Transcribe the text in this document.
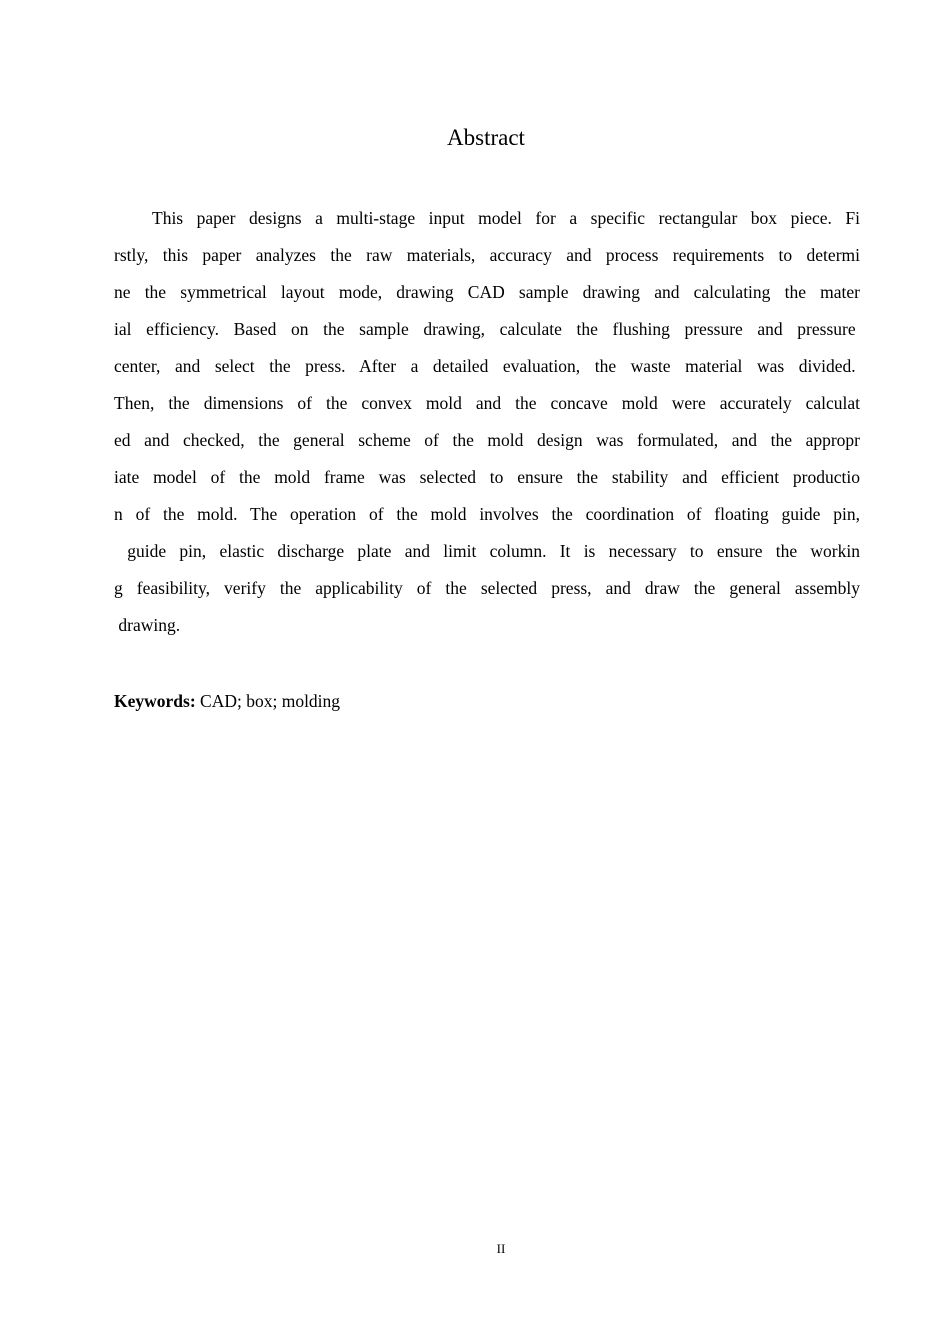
Abstract
This paper designs a multi-stage input model for a specific rectangular box piece. Fi
rstly, this paper analyzes the raw materials, accuracy and process requirements to determi
ne the symmetrical layout mode, drawing CAD sample drawing and calculating the mater
ial efficiency. Based on the sample drawing, calculate the flushing pressure and pressure
center, and select the press. After a detailed evaluation, the waste material was divided.
Then, the dimensions of the convex mold and the concave mold were accurately calculat
ed and checked, the general scheme of the mold design was formulated, and the appropr
iate model of the mold frame was selected to ensure the stability and efficient productio
n of the mold. The operation of the mold involves the coordination of floating guide pin,
guide pin, elastic discharge plate and limit column. It is necessary to ensure the workin
g feasibility, verify the applicability of the selected press, and draw the general assembly
drawing.
Keywords: CAD; box; molding
II
